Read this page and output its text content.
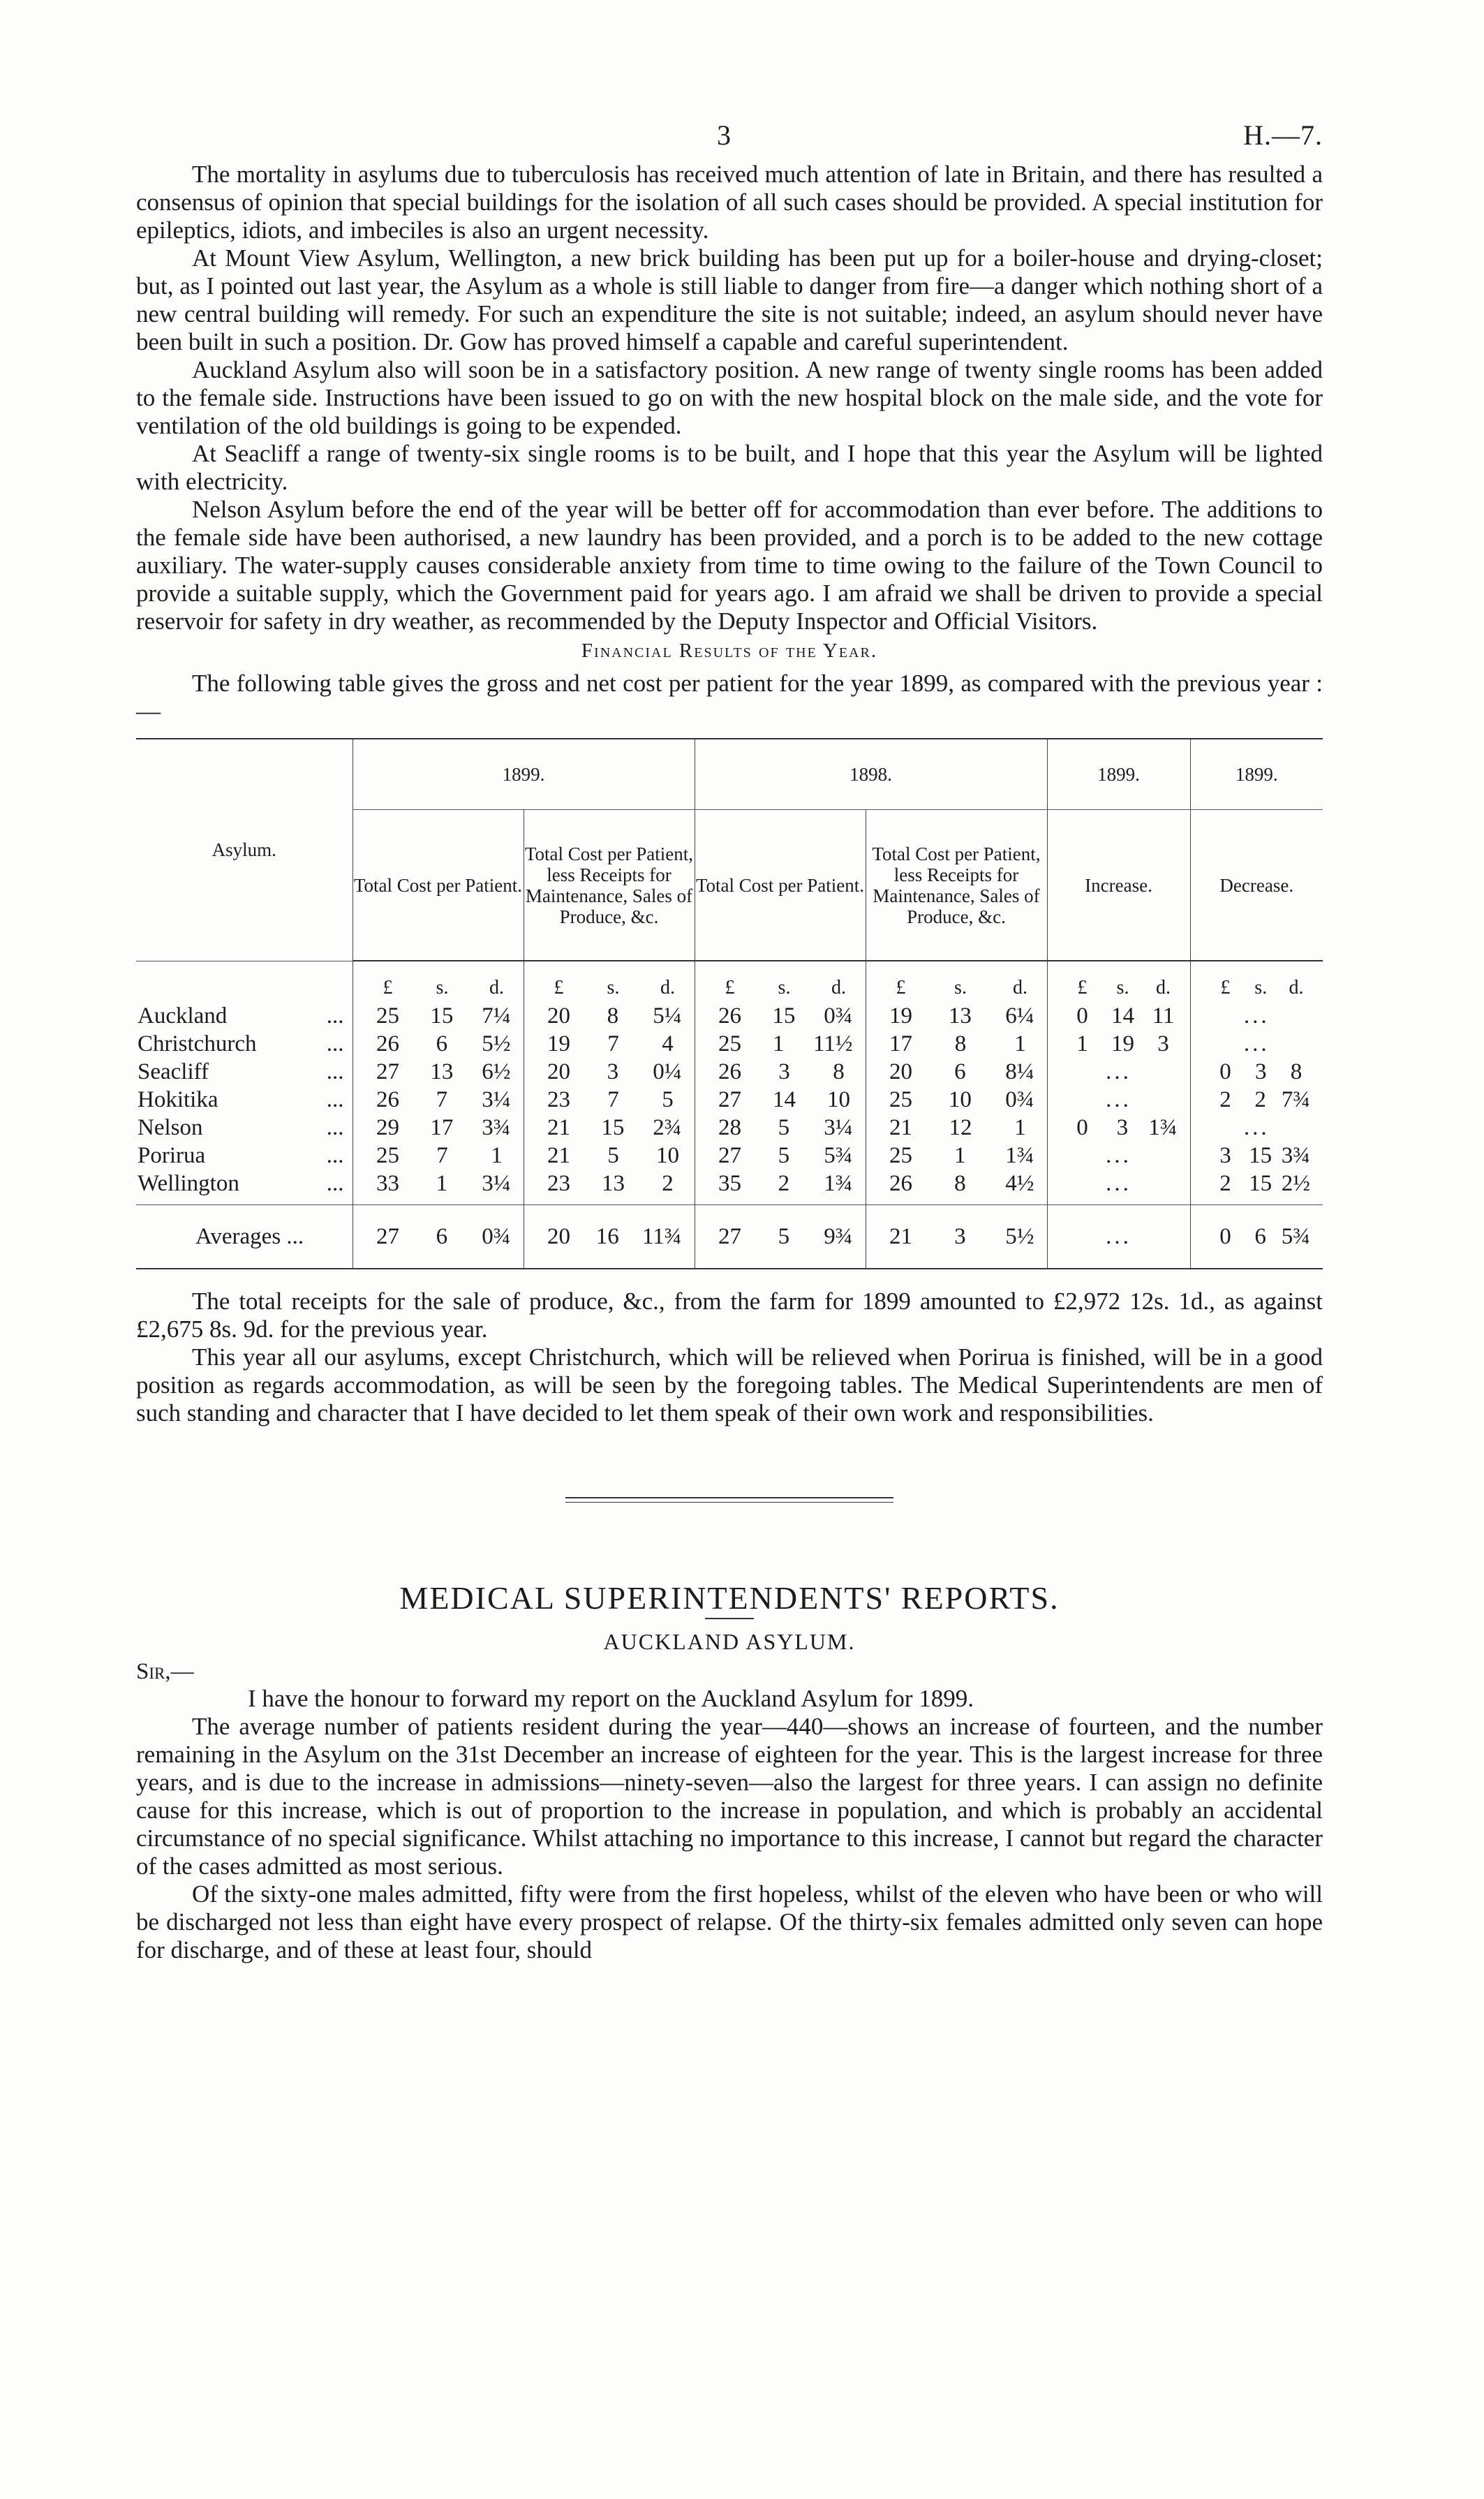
3	H.—7.

The mortality in asylums due to tuberculosis has received much attention of late in Britain, and there has resulted a consensus of opinion that special buildings for the isolation of all such cases should be provided. A special institution for epileptics, idiots, and imbeciles is also an urgent necessity.

At Mount View Asylum, Wellington, a new brick building has been put up for a boiler-house and drying-closet; but, as I pointed out last year, the Asylum as a whole is still liable to danger from fire—a danger which nothing short of a new central building will remedy. For such an expenditure the site is not suitable; indeed, an asylum should never have been built in such a position. Dr. Gow has proved himself a capable and careful superintendent.

Auckland Asylum also will soon be in a satisfactory position. A new range of twenty single rooms has been added to the female side. Instructions have been issued to go on with the new hospital block on the male side, and the vote for ventilation of the old buildings is going to be expended.

At Seacliff a range of twenty-six single rooms is to be built, and I hope that this year the Asylum will be lighted with electricity.

Nelson Asylum before the end of the year will be better off for accommodation than ever before. The additions to the female side have been authorised, a new laundry has been provided, and a porch is to be added to the new cottage auxiliary. The water-supply causes considerable anxiety from time to time owing to the failure of the Town Council to provide a suitable supply, which the Government paid for years ago. I am afraid we shall be driven to provide a special reservoir for safety in dry weather, as recommended by the Deputy Inspector and Official Visitors.

Financial Results of the Year.

The following table gives the gross and net cost per patient for the year 1899, as compared with the previous year :—

Asylum.	1899.		1898.		1899.	1899.
	Total Cost per Patient.	Total Cost per Patient, less Receipts for Maintenance, Sales of Produce, &c.	Total Cost per Patient.	Total Cost per Patient, less Receipts for Maintenance, Sales of Produce, &c.	Increase.	Decrease.

	£ s. d.	£ s. d.	£ s. d.	£ s. d.	£ s. d.	£ s. d.

Auckland ...	25 15 7¼	20 8 5¼	26 15 0¾	19 13 6¼	0 14 11	...
Christchurch ...	26 6 5½	19 7 4	25 1 11½	17 8 1	1 19 3	...
Seacliff ...	27 13 6½	20 3 0¼	26 3 8	20 6 8¼	...	0 3 8

Hokitika ...	26 7 3¼	23 7 5	27 14 10	25 10 0¾	...	2 2 7¾

Nelson ...	29 17 3¾	21 15 2¾	28 5 3¼	21 12 1	0 3 1¾	...
Porirua ...	25 7 1	21 5 10	27 5 5¾	25 1 1¾	...	3 15 3¾

Wellington ...	33 1 3¼	23 13 2	35 2 1¾	26 8 4½	...	2 15 2½

Averages ...	27 6 0¾	20 16 11¾	27 5 9¾	21 3 5½	...	0 6 5¾

The total receipts for the sale of produce, &c., from the farm for 1899 amounted to £2,972 12s. 1d., as against £2,675 8s. 9d. for the previous year.

This year all our asylums, except Christchurch, which will be relieved when Porirua is finished, will be in a good position as regards accommodation, as will be seen by the foregoing tables. The Medical Superintendents are men of such standing and character that I have decided to let them speak of their own work and responsibilities.

MEDICAL SUPERINTENDENTS' REPORTS.
AUCKLAND ASYLUM.
Sir,—

I have the honour to forward my report on the Auckland Asylum for 1899.

The average number of patients resident during the year—440—shows an increase of fourteen, and the number remaining in the Asylum on the 31st December an increase of eighteen for the year. This is the largest increase for three years, and is due to the increase in admissions—ninety-seven—also the largest for three years. I can assign no definite cause for this increase, which is out of proportion to the increase in population, and which is probably an accidental circumstance of no special significance. Whilst attaching no importance to this increase, I cannot but regard the character of the cases admitted as most serious.

Of the sixty-one males admitted, fifty were from the first hopeless, whilst of the eleven who have been or who will be discharged not less than eight have every prospect of relapse. Of the thirty-six females admitted only seven can hope for discharge, and of these at least four, should
